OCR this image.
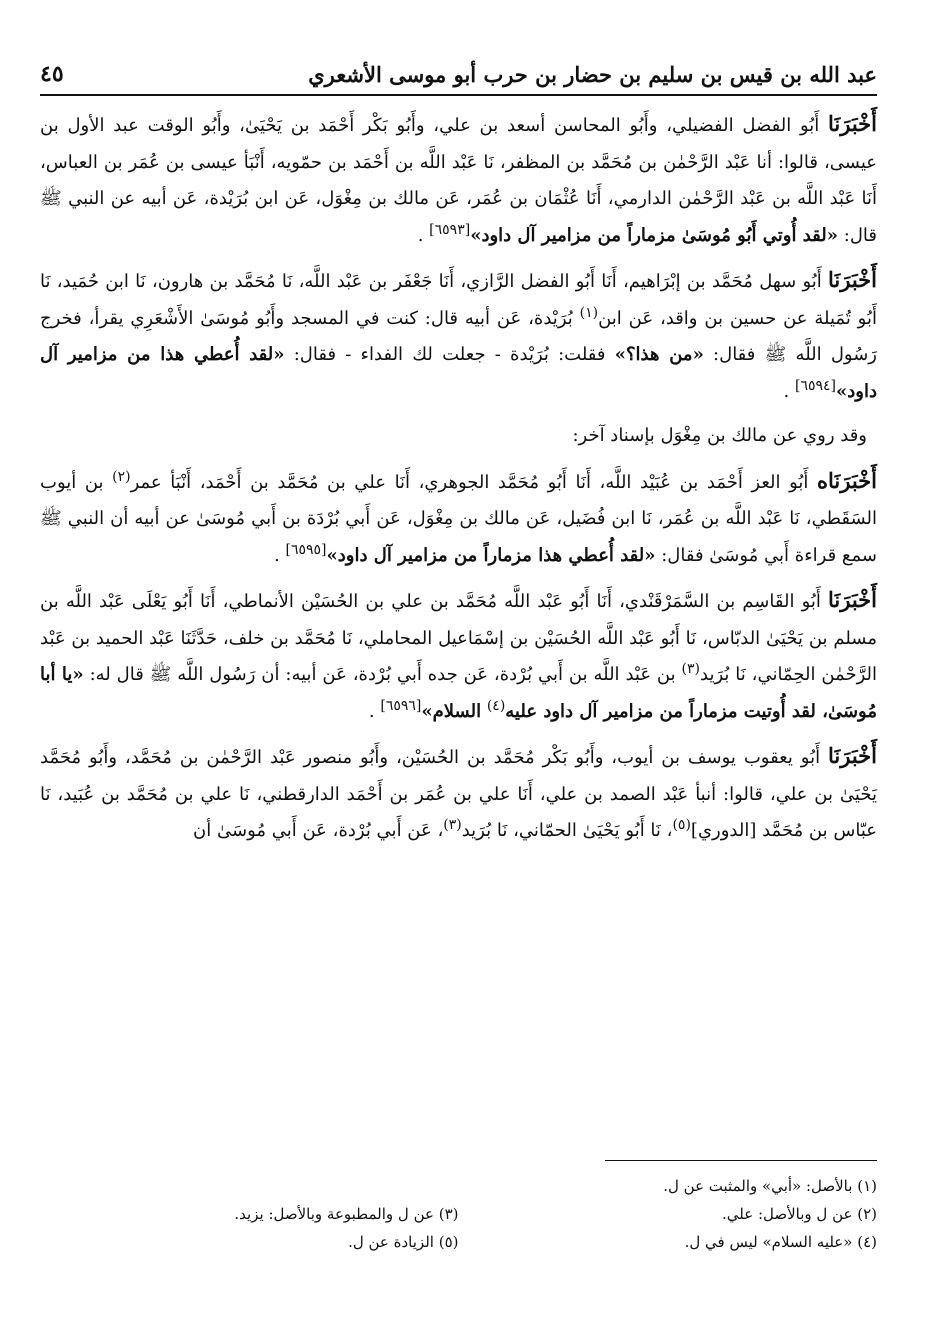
عبد الله بن قيس بن سليم بن حضار بن حرب أبو موسى الأشعري
٤٥

أَخْبَرَنَا أَبُو الفضل الفضيلي، وأَبُو المحاسن أسعد بن علي، وأَبُو بَكْر أَحْمَد بن يَحْيَىٰ، وأَبُو الوقت عبد الأول بن عيسى، قالوا: أنا عَبْد الرَّحْمٰن بن مُحَمَّد بن المظفر، نَا عَبْد اللَّه بن أَحْمَد بن حمّويه، أَنْبَأ عيسى بن عُمَر بن العباس، أَنَا عَبْد اللَّه بن عَبْد الرَّحْمٰن الدارمي، أَنَا عُثْمَان بن عُمَر، عَن مالك بن مِغْوَل، عَن ابن بُرَيْدة، عَن أبيه عن النبي ﷺ قال: «لقد أُوتي أَبُو مُوسَىٰ مزماراً من مزامير آل داود»[٦٥٩٣] .

أَخْبَرَنَا أَبُو سهل مُحَمَّد بن إبْرَاهيم، أَنَا أَبُو الفضل الرَّازي، أَنَا جَعْفَر بن عَبْد اللَّه، نَا مُحَمَّد بن هارون، نَا ابن حُمَيد، نَا أَبُو تُمَيلة عن حسين بن واقد، عَن ابن$^{(١)}$ بُرَيْدة، عَن أبيه قال: كنت في المسجد وأَبُو مُوسَىٰ الأَشْعَرِي يقرأ، فخرج رَسُول اللَّه ﷺ فقال: «من هذا؟» فقلت: بُرَيْدة - جعلت لك الفداء - فقال: «لقد أُعطي هذا من مزامير آل داود»[٦٥٩٤] .

وقد روي عن مالك بن مِغْوَل بإسناد آخر:

أَخْبَرَنَاه أَبُو العز أَحْمَد بن عُبَيْد اللَّه، أَنَا أَبُو مُحَمَّد الجوهري، أَنَا علي بن مُحَمَّد بن أَحْمَد، أَنْبَأ عمر$^{(٢)}$ بن أيوب السَقَطي، نَا عَبْد اللَّه بن عُمَر، نَا ابن فُضَيل، عَن مالك بن مِغْوَل، عَن أَبي بُرْدَة بن أَبي مُوسَىٰ عن أبيه أن النبي ﷺ سمع قراءة أَبي مُوسَىٰ فقال: «لقد أُعطي هذا مزماراً من مزامير آل داود»[٦٥٩٥] .

أَخْبَرَنَا أَبُو القَاسِم بن السَّمَرْقَنْدي، أَنَا أَبُو عَبْد اللَّه مُحَمَّد بن علي بن الحُسَيْن الأنماطي، أَنَا أَبُو يَعْلَى عَبْد اللَّه بن مسلم بن يَحْيَىٰ الدبّاس، نَا أَبُو عَبْد اللَّه الحُسَيْن بن إسْمَاعيل المحاملي، نَا مُحَمَّد بن خلف، حَدَّثَنَا عَبْد الحميد بن عَبْد الرَّحْمٰن الحِمّاني، نَا بُرَيد$^{(٣)}$ بن عَبْد اللَّه بن أَبي بُرْدة، عَن جده أَبي بُرْدة، عَن أبيه: أن رَسُول اللَّه ﷺ قال له: «يا أبا مُوسَىٰ، لقد أُوتيت مزماراً من مزامير آل داود عليه$^{(٤)}$ السلام»[٦٥٩٦] .

أَخْبَرَنَا أَبُو يعقوب يوسف بن أيوب، وأَبُو بَكْر مُحَمَّد بن الحُسَيْن، وأَبُو منصور عَبْد الرَّحْمٰن بن مُحَمَّد، وأَبُو مُحَمَّد يَحْيَىٰ بن علي، قالوا: أنبأ عَبْد الصمد بن علي، أَنَا علي بن عُمَر بن أَحْمَد الدارقطني، نَا علي بن مُحَمَّد بن عُبَيد، نَا عبّاس بن مُحَمَّد [الدوري]$^{(٥)}$، نَا أَبُو يَحْيَىٰ الحمّاني، نَا بُرَيد$^{(٣)}$، عَن أَبي بُرْدة، عَن أَبي مُوسَىٰ أن

(١) بالأصل: «أبي» والمثبت عن ل.

(٢) عن ل وبالأصل: علي.

(٣) عن ل والمطبوعة وبالأصل: يزيد.

(٤) «عليه السلام» ليس في ل.

(٥) الزيادة عن ل.
